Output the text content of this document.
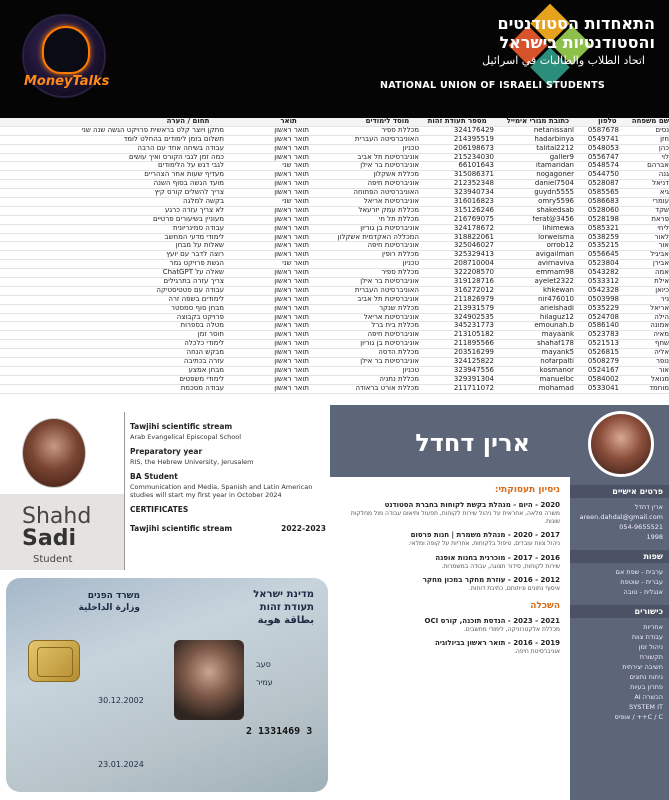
MoneyTalks
התאחדות הסטודנטים
והסטודנטיות בישראל
اتحاد الطلاب والطالبات في اسرائيل
NATIONAL UNION OF ISRAELI STUDENTS
שם משפחה טלפון כתובת מגורי אימייל מספר תעודת זהות מוסד לימודים תואר תחום / הערה
נסים0587678netanissanl324176429מכללת ספירתואר ראשוןמתקן ויוצר קלט בראשית פרויקט הגשה שנה שני
חזן0549741hadarbinya214395519האוניברסיטה העבריתתואר ראשוןתשלום בזמן לימודים בהחלט לומד
כהן0548053talital2212206198673טכניוןתואר ראשוןעבודה בשיחה אחד עם הרבה
לוי0556747galler9215234030אוניברסיטת תל אביבתואר ראשוןכמה זמן לגבי הקורס ואיך עושים
אברהם0548574itamaridan66101643אוניברסיטת בר אילןתואר שנילגבי דגש על הלימודים
גנה0544750nogagoner315086371מכללת אשקלוןתואר ראשוןמעדיף שעות אחר הצהריים
דניאל0528087daniel7504212352348אוניברסיטת חיפהתואר ראשוןמועד הגשה בסוף השנה
גיא0585565guydn5555323940734האוניברסיטה הפתוחהתואר ראשוןצריך להשלים קורס קיץ
עומרי0586683omry5596316016823אוניברסיטת אריאלתואר שניבקשה למלגה
שקד0528060shakedsab315126246מכללת עמק יזרעאלתואר ראשוןלא צריך עזרה כרגע
פראת0528198ferat@3456216769075מכללת תל חיתואר ראשוןמעוניין בשיעורים פרטיים
ליחי0585321lihimewa324178672אוניברסיטת בן גוריוןתואר ראשוןעבודה סמינריונית
לאור0538259lorweisma318822061המכללה האקדמית אשקלוןתואר ראשוןלימודי מדעי המחשב
אור0535215orrob12325046027אוניברסיטת חיפהתואר ראשוןשאלות על מבחן
אביגיל0556645avigailman325329413מכללת רופיןתואר ראשוןרוצה לדבר עם יועץ
אבירן0523804avirnaviva208710004טכניוןתואר שניהגשת פרויקט גמר
אמה0543282emmam98322208570מכללת ספירתואר ראשוןשאלה על ChatGPT
אילת0533312ayelet2322319128716אוניברסיטת בר אילןתואר ראשוןצריך עזרה בתרגילים
כיואן0542328khkewan316272012האוניברסיטה העבריתתואר ראשוןעבודה עם סטטיסטיקה
ניר0503998nir476010211826979אוניברסיטת תל אביבתואר ראשוןלימודים בשפה זרה
אריאל0535229arielshadi213931579מכללת שנקרתואר ראשוןמבחן סוף סמסטר
הילה0524708hilaguz12324902535אוניברסיטת אריאלתואר ראשוןפרויקט בקבוצה
אמונה0586140emounah.b345231773מכללת בית ברלתואר ראשוןמטלה בספרות
מאיה0523783mayaank213105182אוניברסיטת חיפהתואר ראשוןחוסר זמן
שחף0521513shahaf178211895566אוניברסיטת בן גוריוןתואר ראשוןלימודי כלכלה
אליה0526815mayank5203516299מכללת הדסהתואר ראשוןמבקש הנחה
נופר0508279nofarpalti324125822אוניברסיטת בר אילןתואר ראשוןעזרה בכתיבה
אור0524167kosmanor323947556טכניוןתואר ראשוןמבחן אמצע
מנואל0584002manuelbc329391304מכללת נתניהתואר ראשוןלימודי משפטים
מוחמד0533041mohamad211711072מכללת אורט בראודהתואר ראשוןעבודה מסכמת
Shahd
Sadi
Student
Tawjihi scientific stream
Arab Evangelical Episcopal School
Preparatory year
RIS, the Hebrew University, Jerusalem
BA Student
Communication and Media, Spanish and Latin American studies will start my first year in October 2024
CERTIFICATES
Tawjihi scientific stream	2022-2023
מדינת ישראל
תעודת זהות
بطاقة هوية
משרד הפנים
وزارة الداخلية
סעב
עמיר
30.12.2002
23.01.2024
2 1331469 3
ארין דחדל
פרטים אישיים
ארין דחדל
areen.dahdal@gmail.com
054-9655521
1998
שפות
ערבית - שפת אם
עברית - שוטפת
אנגלית - טובה
כישורים
אחריות
עבודת צוות
ניהול זמן
תקשורת
חשיבה יצירתית
ניתוח נתונים
פתרון בעיות
הכשרה AI
SYSTEM IT
C / C++ / אופיס
ניסיון תעסוקתי:
2020 - היום - מנהלת בקשת לקוחות בחברת הסטודנט
משרה מלאה, אחראית על ניהול שירות לקוחות, תפעול ותיאום עבודה מול מחלקות שונות.
2017 - 2020 - מנהלת משמרת | חנות פרסום
ניהול צוות עובדים, טיפול בלקוחות, אחריות על קופה ומלאי.
2016 - 2017 - מוכרנית בחנות אופנה
שירות לקוחות, סידור תצוגה, עבודה במשמרות.
2012 - 2016 - עוזרת מחקר במכון מחקר
איסוף נתונים וניתוחם, כתיבת דוחות.
השכלה
2021 - 2023 - הנדסת תוכנה, קורס OCI
מכללת אלקטרוניקה, לימודי מחשבים.
2019 - 2016 - תואר ראשון בביולוגיה
אוניברסיטת חיפה.
